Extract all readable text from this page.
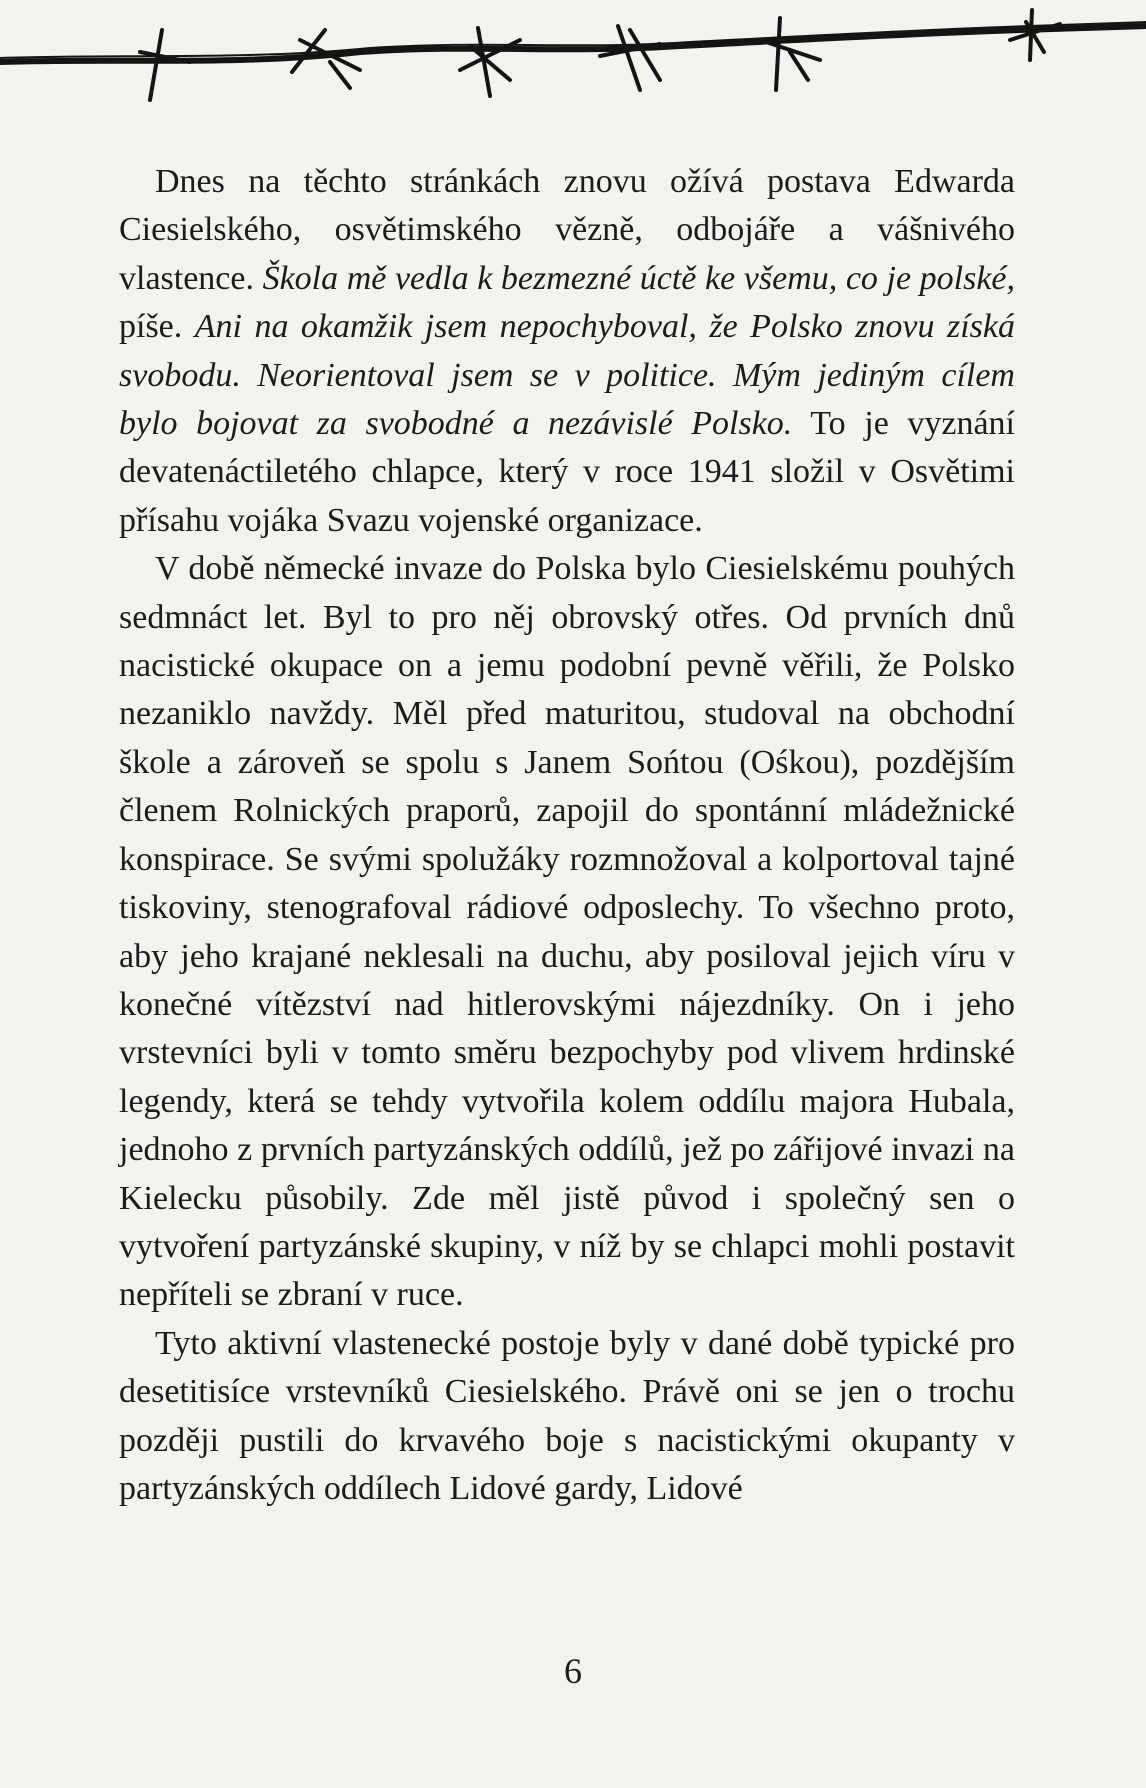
Dnes na těchto stránkách znovu ožívá postava Edwarda Ciesielského, osvětimského vězně, odbojáře a vášnivého vlastence. Škola mě vedla k bezmezné úctě ke všemu, co je polské, píše. Ani na okamžik jsem nepochyboval, že Polsko znovu získá svobodu. Neorientoval jsem se v politice. Mým jediným cílem bylo bojovat za svobodné a nezávislé Polsko. To je vyznání devatenáctiletého chlapce, který v roce 1941 složil v Osvětimi přísahu vojáka Svazu vojenské organizace.

V době německé invaze do Polska bylo Ciesielskému pouhých sedmnáct let. Byl to pro něj obrovský otřes. Od prvních dnů nacistické okupace on a jemu podobní pevně věřili, že Polsko nezaniklo navždy. Měl před maturitou, studoval na obchodní škole a zároveň se spolu s Janem Sońtou (Ośkou), pozdějším členem Rolnických praporů, zapojil do spontánní mládežnické konspirace. Se svými spolužáky rozmnožoval a kolportoval tajné tiskoviny, stenografoval rádiové odposlechy. To všechno proto, aby jeho krajané neklesali na duchu, aby posiloval jejich víru v konečné vítězství nad hitlerovskými nájezdníky. On i jeho vrstevníci byli v tomto směru bezpochyby pod vlivem hrdinské legendy, která se tehdy vytvořila kolem oddílu majora Hubala, jednoho z prvních partyzánských oddílů, jež po zářijové invazi na Kielecku působily. Zde měl jistě původ i společný sen o vytvoření partyzánské skupiny, v níž by se chlapci mohli postavit nepříteli se zbraní v ruce.

Tyto aktivní vlastenecké postoje byly v dané době typické pro desetitisíce vrstevníků Ciesielského. Právě oni se jen o trochu později pustili do krvavého boje s nacistickými okupanty v partyzánských oddílech Lidové gardy, Lidové

6
